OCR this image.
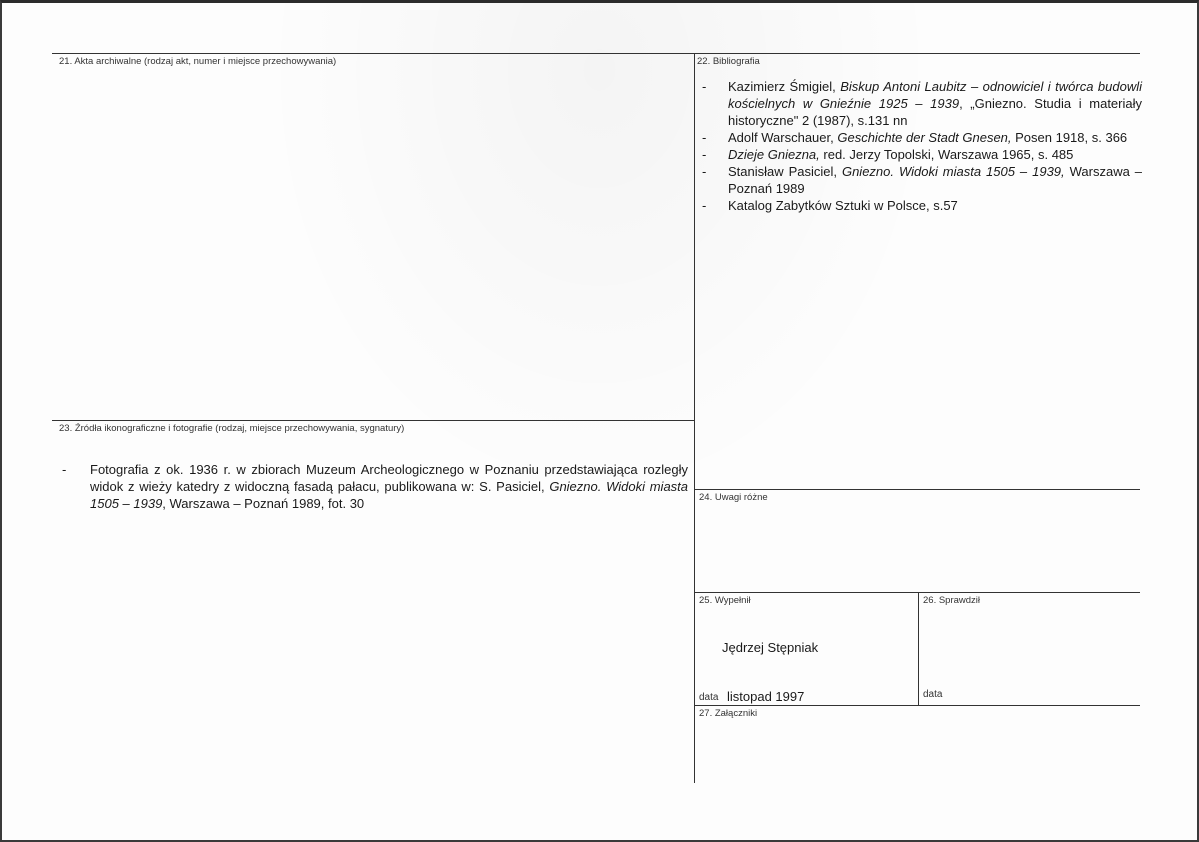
21. Akta archiwalne (rodzaj akt, numer i miejsce przechowywania)	22. Bibliografia
- Kazimierz Śmigiel, Biskup Antoni Laubitz – odnowiciel i twórca budowli kościelnych w Gnieźnie 1925 – 1939, „Gniezno. Studia i materiały historyczne" 2 (1987), s.131 nn
- Adolf Warschauer, Geschichte der Stadt Gnesen, Posen 1918, s. 366
- Dzieje Gniezna, red. Jerzy Topolski, Warszawa 1965, s. 485
- Stanisław Pasiciel, Gniezno. Widoki miasta 1505 – 1939, Warszawa – Poznań 1989
- Katalog Zabytków Sztuki w Polsce, s.57
23. Źródła ikonograficzne i fotografie (rodzaj, miejsce przechowywania, sygnatury)
- Fotografia z ok. 1936 r. w zbiorach Muzeum Archeologicznego w Poznaniu przedstawiająca rozległy widok z wieży katedry z widoczną fasadą pałacu, publikowana w: S. Pasiciel, Gniezno. Widoki miasta 1505 – 1939, Warszawa – Poznań 1989, fot. 30	24. Uwagi różne
25. Wypełnił
Jędrzej Stępniak
data listopad 1997
26. Sprawdził
data
27. Załączniki
